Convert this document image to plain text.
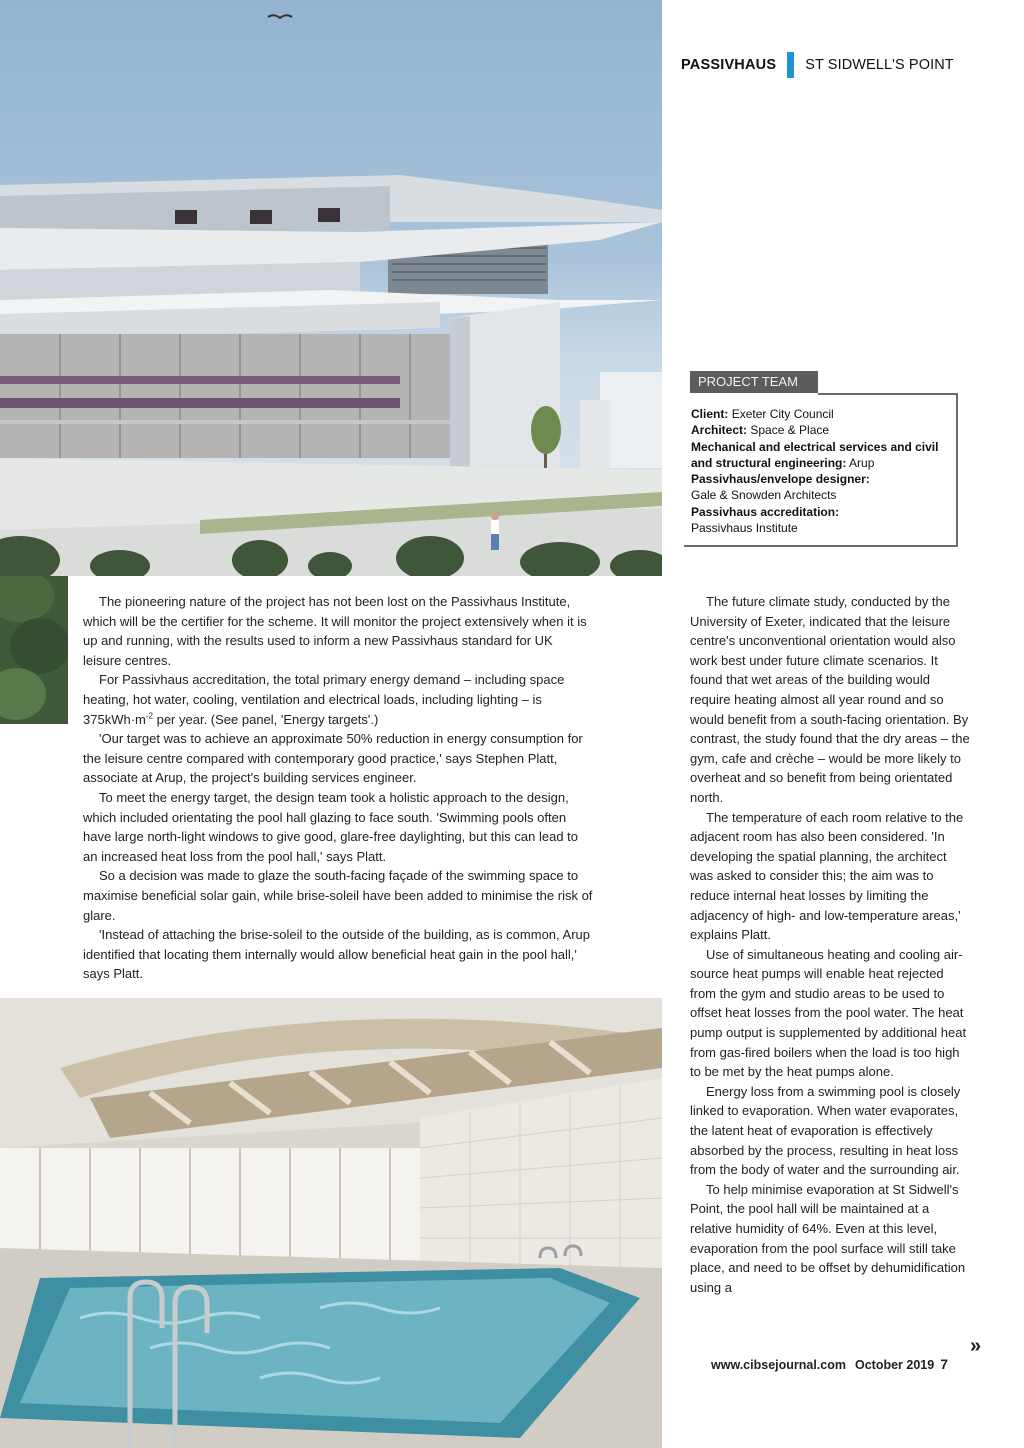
PASSIVHAUS ST SIDWELL'S POINT
PROJECT TEAM
Client: Exeter City Council
Architect: Space & Place
Mechanical and electrical services and civil and structural engineering: Arup
Passivhaus/envelope designer:
Gale & Snowden Architects
Passivhaus accreditation:
Passivhaus Institute

The pioneering nature of the project has not been lost on the Passivhaus Institute, which will be the certifier for the scheme. It will monitor the project extensively when it is up and running, with the results used to inform a new Passivhaus standard for UK leisure centres.

For Passivhaus accreditation, the total primary energy demand – including space heating, hot water, cooling, ventilation and electrical loads, including lighting – is $375kWh\cdot m^{-2}$ per year. (See panel, 'Energy targets'.)

'Our target was to achieve an approximate 50% reduction in energy consumption for the leisure centre compared with contemporary good practice,' says Stephen Platt, associate at Arup, the project's building services engineer.

To meet the energy target, the design team took a holistic approach to the design, which included orientating the pool hall glazing to face south. 'Swimming pools often have large north-light windows to give good, glare-free daylighting, but this can lead to an increased heat loss from the pool hall,' says Platt.

So a decision was made to glaze the south-facing façade of the swimming space to maximise beneficial solar gain, while brise-soleil have been added to minimise the risk of glare.

'Instead of attaching the brise-soleil to the outside of the building, as is common, Arup identified that locating them internally would allow beneficial heat gain in the pool hall,' says Platt.

The future climate study, conducted by the University of Exeter, indicated that the leisure centre's unconventional orientation would also work best under future climate scenarios. It found that wet areas of the building would require heating almost all year round and so would benefit from a south-facing orientation. By contrast, the study found that the dry areas – the gym, cafe and crèche – would be more likely to overheat and so benefit from being orientated north.

The temperature of each room relative to the adjacent room has also been considered. 'In developing the spatial planning, the architect was asked to consider this; the aim was to reduce internal heat losses by limiting the adjacency of high- and low-temperature areas,' explains Platt.

Use of simultaneous heating and cooling air-source heat pumps will enable heat rejected from the gym and studio areas to be used to offset heat losses from the pool water. The heat pump output is supplemented by additional heat from gas-fired boilers when the load is too high to be met by the heat pumps alone.

Energy loss from a swimming pool is closely linked to evaporation. When water evaporates, the latent heat of evaporation is effectively absorbed by the process, resulting in heat loss from the body of water and the surrounding air.

To help minimise evaporation at St Sidwell's Point, the pool hall will be maintained at a relative humidity of 64%. Even at this level, evaporation from the pool surface will still take place, and need to be offset by dehumidification using a

»
www.cibsejournal.com October 2019 7
